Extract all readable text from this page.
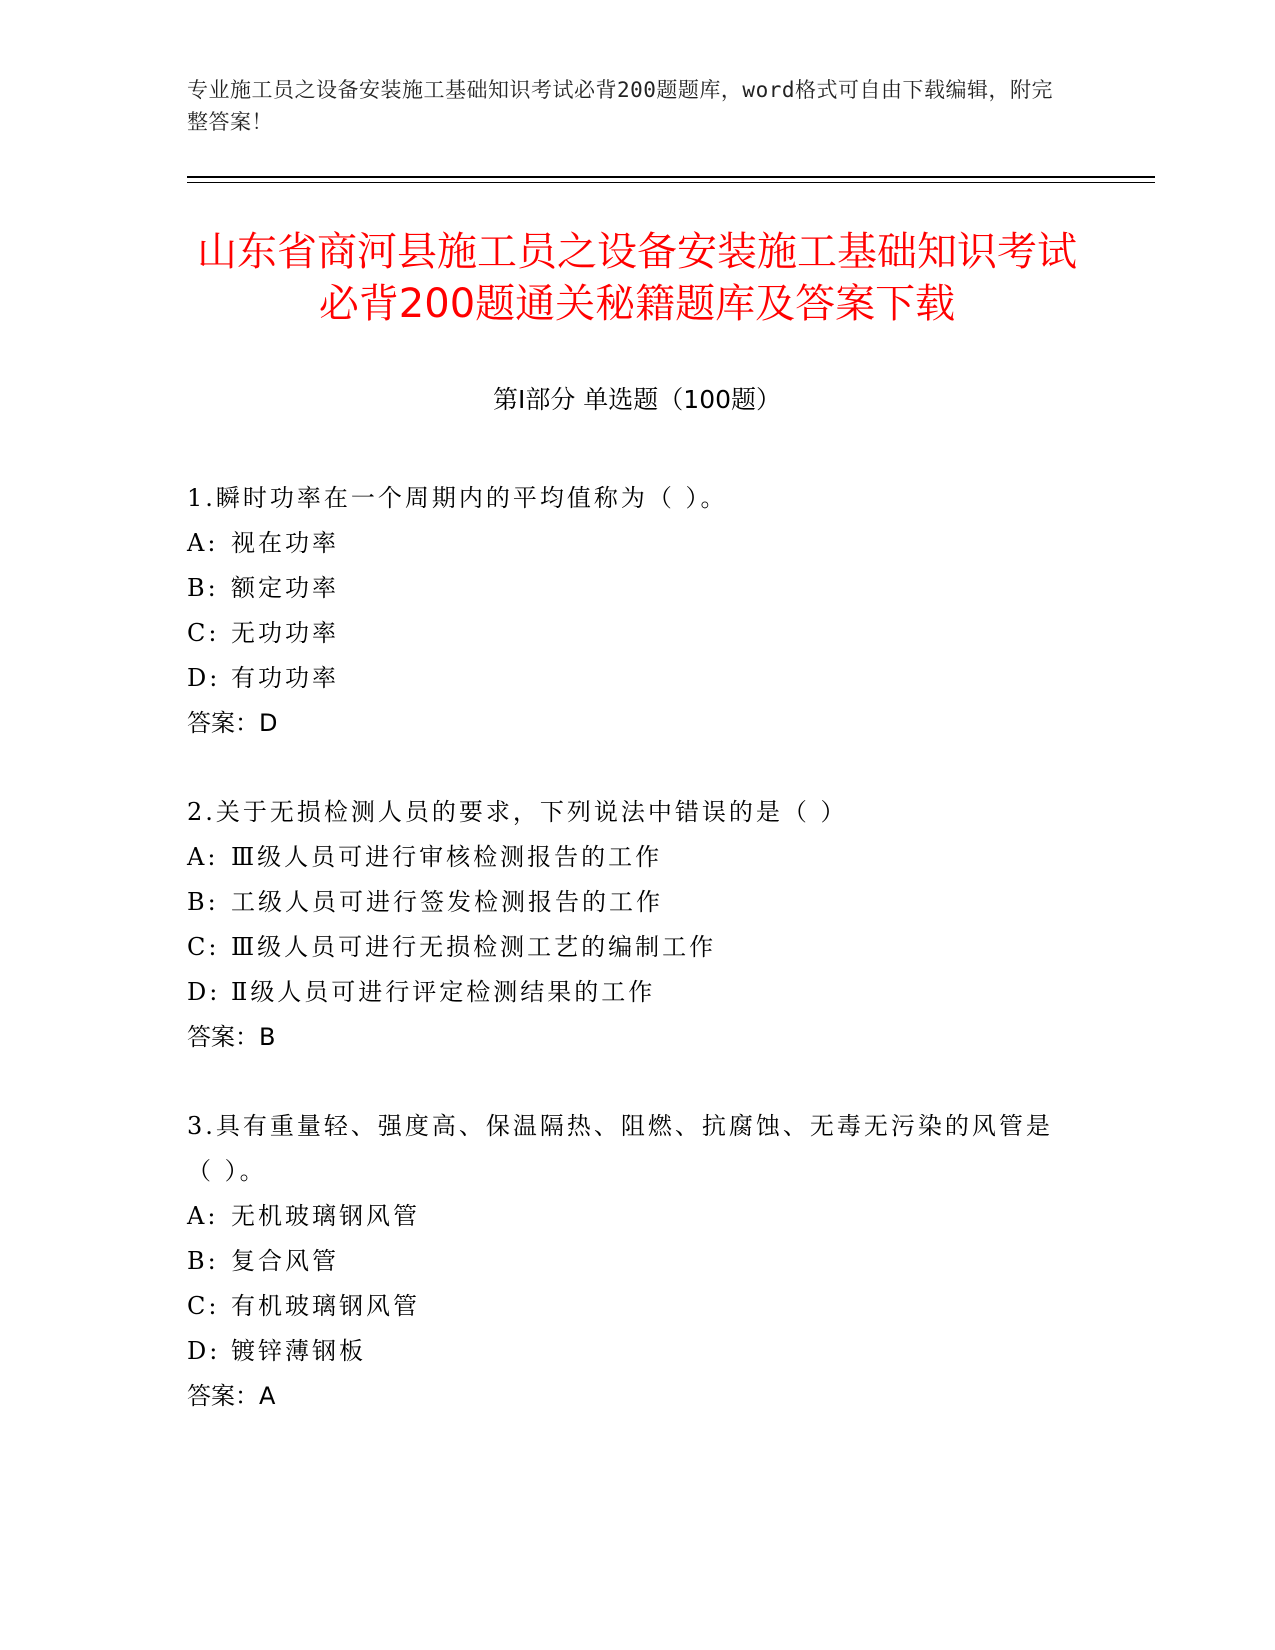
专业施工员之设备安装施工基础知识考试必背200题题库，word格式可自由下载编辑，附完整答案！
山东省商河县施工员之设备安装施工基础知识考试必背200题通关秘籍题库及答案下载
第Ⅰ部分 单选题（100题）

1.瞬时功率在一个周期内的平均值称为（ ）。

A: 视在功率

B: 额定功率

C: 无功功率

D: 有功功率

答案：D

2.关于无损检测人员的要求，下列说法中错误的是（ ）

A: Ⅲ级人员可进行审核检测报告的工作

B: 工级人员可进行签发检测报告的工作

C: Ⅲ级人员可进行无损检测工艺的编制工作

D: Ⅱ级人员可进行评定检测结果的工作

答案：B

3.具有重量轻、强度高、保温隔热、阻燃、抗腐蚀、无毒无污染的风管是（ ）。

A: 无机玻璃钢风管

B: 复合风管

C: 有机玻璃钢风管

D: 镀锌薄钢板

答案：A
